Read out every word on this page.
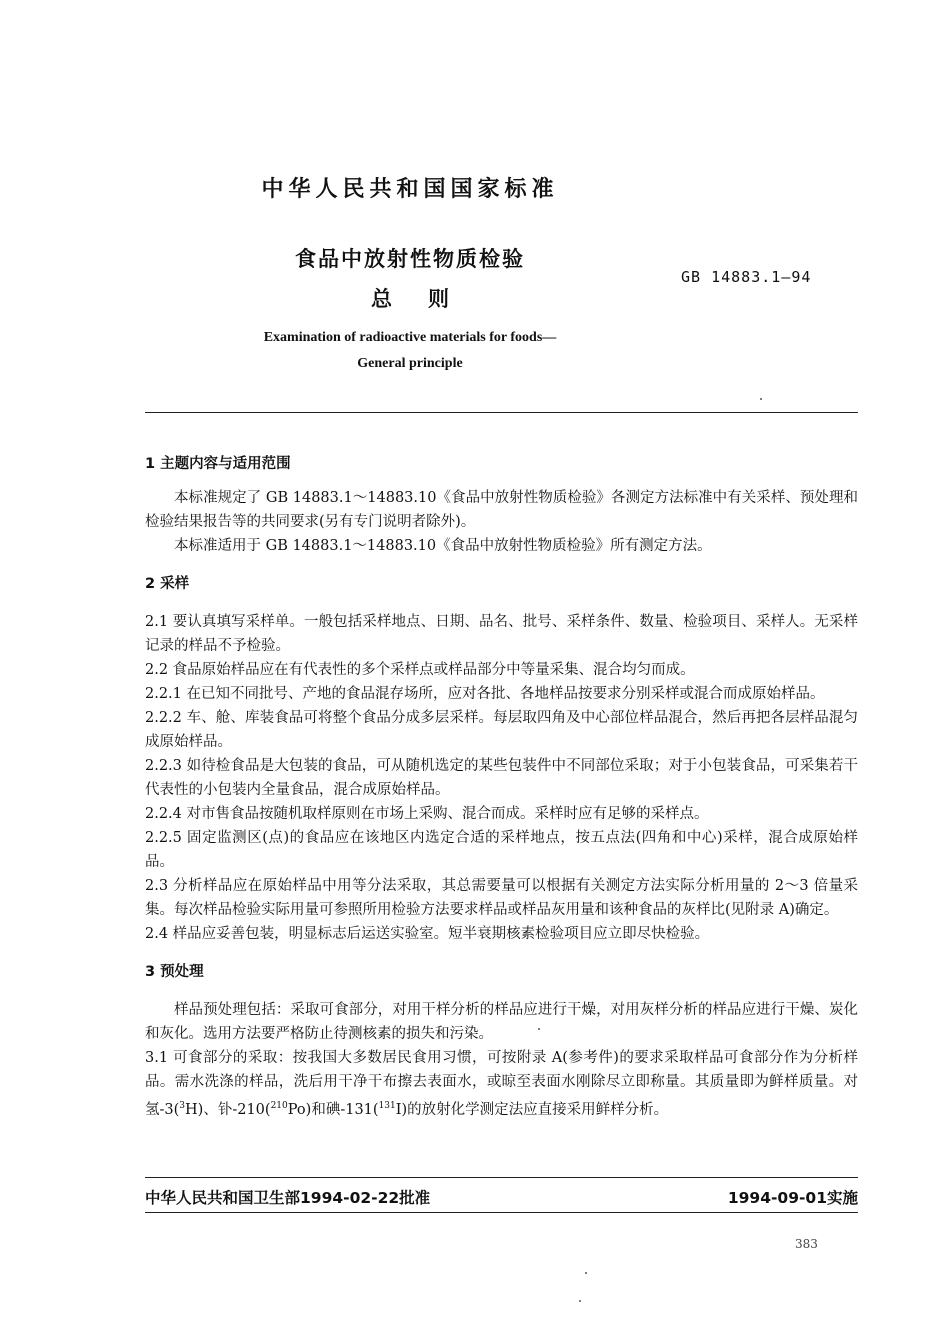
中华人民共和国国家标准
食品中放射性物质检验
总则
GB 14883.1—94
Examination of radioactive materials for foods—
General principle

1 主题内容与适用范围

本标准规定了 GB 14883.1～14883.10《食品中放射性物质检验》各测定方法标准中有关采样、预处理和检验结果报告等的共同要求(另有专门说明者除外)。

本标准适用于 GB 14883.1～14883.10《食品中放射性物质检验》所有测定方法。

2 采样

2.1 要认真填写采样单。一般包括采样地点、日期、品名、批号、采样条件、数量、检验项目、采样人。无采样记录的样品不予检验。

2.2 食品原始样品应在有代表性的多个采样点或样品部分中等量采集、混合均匀而成。

2.2.1 在已知不同批号、产地的食品混存场所，应对各批、各地样品按要求分别采样或混合而成原始样品。

2.2.2 车、舱、库装食品可将整个食品分成多层采样。每层取四角及中心部位样品混合，然后再把各层样品混匀成原始样品。

2.2.3 如待检食品是大包装的食品，可从随机选定的某些包装件中不同部位采取；对于小包装食品，可采集若干代表性的小包装内全量食品，混合成原始样品。

2.2.4 对市售食品按随机取样原则在市场上采购、混合而成。采样时应有足够的采样点。

2.2.5 固定监测区(点)的食品应在该地区内选定合适的采样地点，按五点法(四角和中心)采样，混合成原始样品。

2.3 分析样品应在原始样品中用等分法采取，其总需要量可以根据有关测定方法实际分析用量的 2～3 倍量采集。每次样品检验实际用量可参照所用检验方法要求样品或样品灰用量和该种食品的灰样比(见附录 A)确定。

2.4 样品应妥善包装，明显标志后运送实验室。短半衰期核素检验项目应立即尽快检验。

3 预处理

样品预处理包括：采取可食部分，对用干样分析的样品应进行干燥，对用灰样分析的样品应进行干燥、炭化和灰化。选用方法要严格防止待测核素的损失和污染。

3.1 可食部分的采取：按我国大多数居民食用习惯，可按附录 A(参考件)的要求采取样品可食部分作为分析样品。需水洗涤的样品，洗后用干净干布擦去表面水，或晾至表面水刚除尽立即称量。其质量即为鲜样质量。对氢-3($^3$H)、钋-210($^{210}$Po)和碘-131($^{131}$I)的放射化学测定法应直接采用鲜样分析。

中华人民共和国卫生部1994-02-22批准	1994-09-01实施
383
